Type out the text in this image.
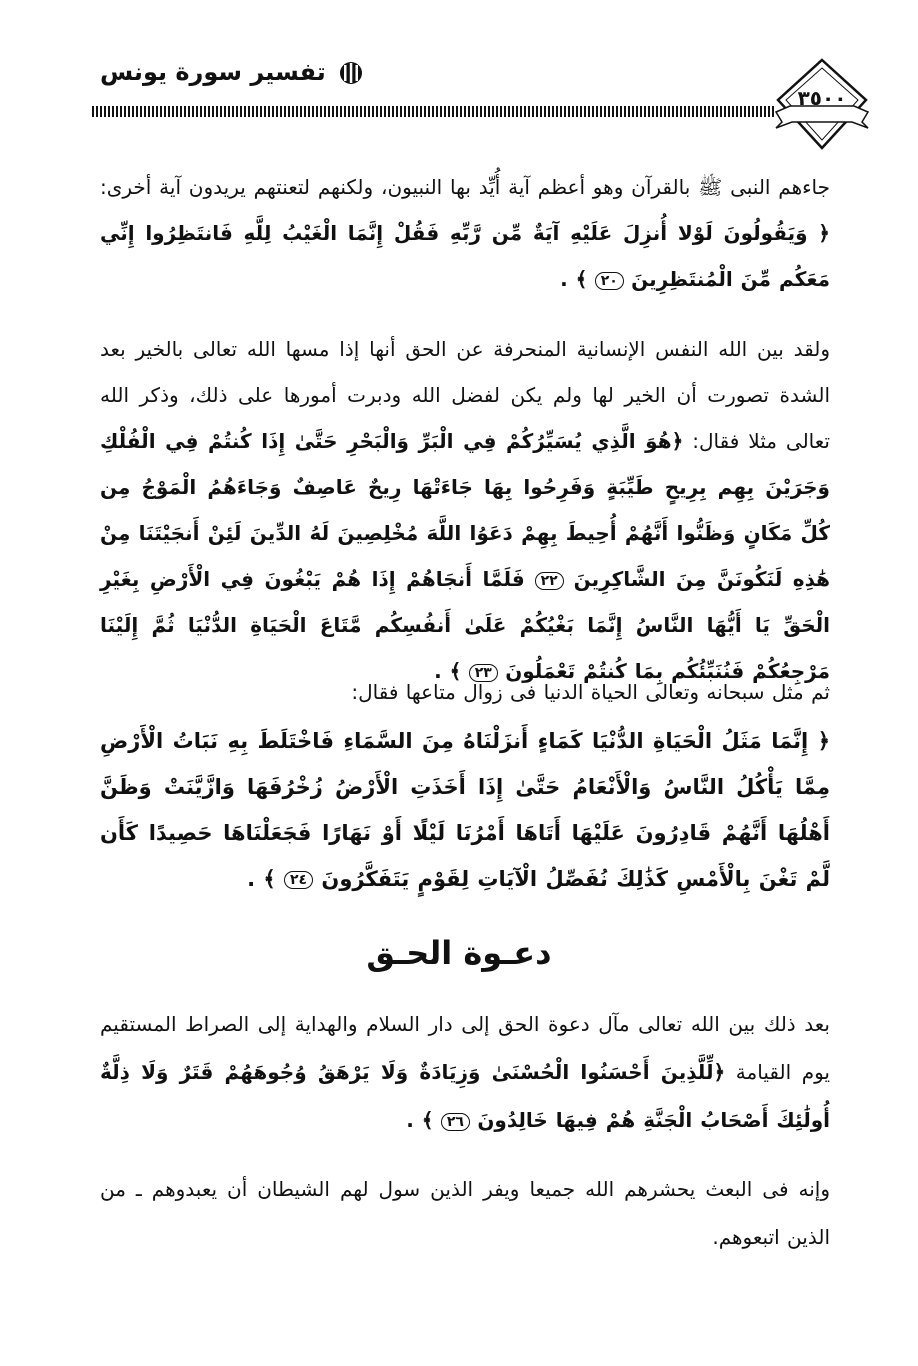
تفسير سورة يونس
٣٥٠٠
جاءهم النبى ﷺ بالقرآن وهو أعظم آية أُيِّد بها النبيون، ولكنهم لتعنتهم يريدون آية أخرى: ﴿ وَيَقُولُونَ لَوْلا أُنزِلَ عَلَيْهِ آيَةٌ مِّن رَّبِّهِ فَقُلْ إِنَّمَا الْغَيْبُ لِلَّهِ فَانتَظِرُوا إِنِّي مَعَكُم مِّنَ الْمُنتَظِرِينَ ٢٠ ﴾ .
ولقد بين الله النفس الإنسانية المنحرفة عن الحق أنها إذا مسها الله تعالى بالخير بعد الشدة تصورت أن الخير لها ولم يكن لفضل الله ودبرت أمورها على ذلك، وذكر الله تعالى مثلا فقال: ﴿هُوَ الَّذِي يُسَيِّرُكُمْ فِي الْبَرِّ وَالْبَحْرِ حَتَّىٰ إِذَا كُنتُمْ فِي الْفُلْكِ وَجَرَيْنَ بِهِم بِرِيحٍ طَيِّبَةٍ وَفَرِحُوا بِهَا جَاءَتْهَا رِيحٌ عَاصِفٌ وَجَاءَهُمُ الْمَوْجُ مِن كُلِّ مَكَانٍ وَظَنُّوا أَنَّهُمْ أُحِيطَ بِهِمْ دَعَوُا اللَّهَ مُخْلِصِينَ لَهُ الدِّينَ لَئِنْ أَنجَيْتَنَا مِنْ هَٰذِهِ لَنَكُونَنَّ مِنَ الشَّاكِرِينَ ٢٢ فَلَمَّا أَنجَاهُمْ إِذَا هُمْ يَبْغُونَ فِي الْأَرْضِ بِغَيْرِ الْحَقِّ يَا أَيُّهَا النَّاسُ إِنَّمَا بَغْيُكُمْ عَلَىٰ أَنفُسِكُم مَّتَاعَ الْحَيَاةِ الدُّنْيَا ثُمَّ إِلَيْنَا مَرْجِعُكُمْ فَنُنَبِّئُكُم بِمَا كُنتُمْ تَعْمَلُونَ ٢٣ ﴾ .
ثم مثل سبحانه وتعالى الحياة الدنيا فى زوال متاعها فقال:
﴿ إِنَّمَا مَثَلُ الْحَيَاةِ الدُّنْيَا كَمَاءٍ أَنزَلْنَاهُ مِنَ السَّمَاءِ فَاخْتَلَطَ بِهِ نَبَاتُ الْأَرْضِ مِمَّا يَأْكُلُ النَّاسُ وَالْأَنْعَامُ حَتَّىٰ إِذَا أَخَذَتِ الْأَرْضُ زُخْرُفَهَا وَازَّيَّنَتْ وَظَنَّ أَهْلُهَا أَنَّهُمْ قَادِرُونَ عَلَيْهَا أَتَاهَا أَمْرُنَا لَيْلًا أَوْ نَهَارًا فَجَعَلْنَاهَا حَصِيدًا كَأَن لَّمْ تَغْنَ بِالْأَمْسِ كَذَٰلِكَ نُفَصِّلُ الْآيَاتِ لِقَوْمٍ يَتَفَكَّرُونَ ٢٤ ﴾ .
دعـوة الحـق
بعد ذلك بين الله تعالى مآل دعوة الحق إلى دار السلام والهداية إلى الصراط المستقيم يوم القيامة ﴿لِّلَّذِينَ أَحْسَنُوا الْحُسْنَىٰ وَزِيَادَةٌ وَلَا يَرْهَقُ وُجُوهَهُمْ قَتَرٌ وَلَا ذِلَّةٌ أُولَٰئِكَ أَصْحَابُ الْجَنَّةِ هُمْ فِيهَا خَالِدُونَ ٢٦ ﴾ .
وإنه فى البعث يحشرهم الله جميعا ويفر الذين سول لهم الشيطان أن يعبدوهم ـ من الذين اتبعوهم.
